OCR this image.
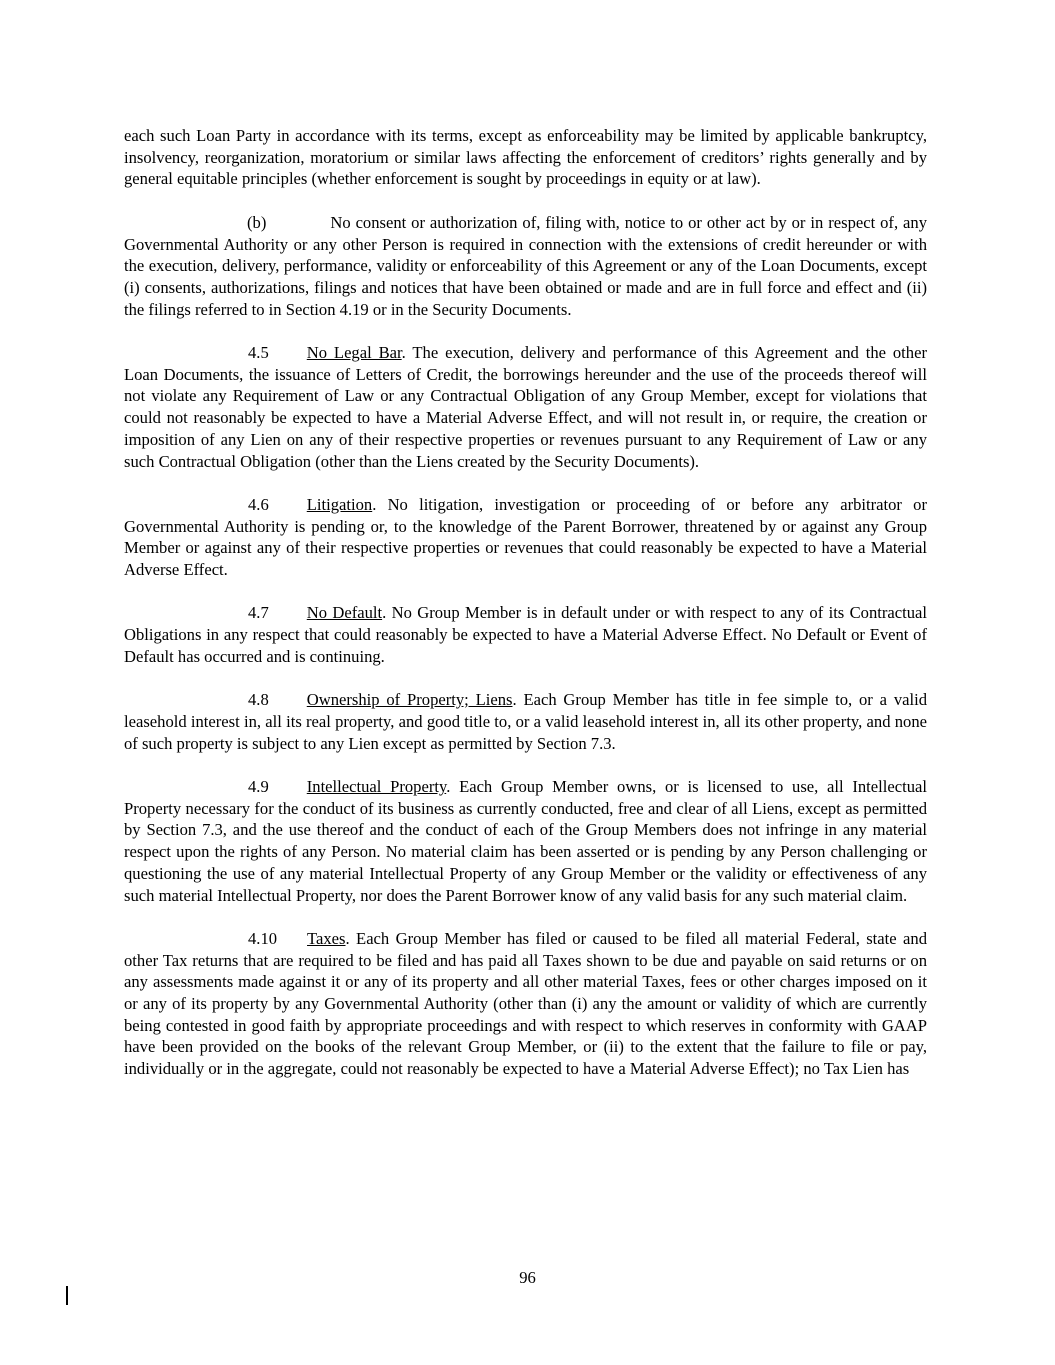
each such Loan Party in accordance with its terms, except as enforceability may be limited by applicable bankruptcy, insolvency, reorganization, moratorium or similar laws affecting the enforcement of creditors’ rights generally and by general equitable principles (whether enforcement is sought by proceedings in equity or at law).

(b)	No consent or authorization of, filing with, notice to or other act by or in respect of, any Governmental Authority or any other Person is required in connection with the extensions of credit hereunder or with the execution, delivery, performance, validity or enforceability of this Agreement or any of the Loan Documents, except (i) consents, authorizations, filings and notices that have been obtained or made and are in full force and effect and (ii) the filings referred to in Section 4.19 or in the Security Documents.

4.5 No Legal Bar. The execution, delivery and performance of this Agreement and the other Loan Documents, the issuance of Letters of Credit, the borrowings hereunder and the use of the proceeds thereof will not violate any Requirement of Law or any Contractual Obligation of any Group Member, except for violations that could not reasonably be expected to have a Material Adverse Effect, and will not result in, or require, the creation or imposition of any Lien on any of their respective properties or revenues pursuant to any Requirement of Law or any such Contractual Obligation (other than the Liens created by the Security Documents).

4.6 Litigation. No litigation, investigation or proceeding of or before any arbitrator or Governmental Authority is pending or, to the knowledge of the Parent Borrower, threatened by or against any Group Member or against any of their respective properties or revenues that could reasonably be expected to have a Material Adverse Effect.

4.7 No Default. No Group Member is in default under or with respect to any of its Contractual Obligations in any respect that could reasonably be expected to have a Material Adverse Effect. No Default or Event of Default has occurred and is continuing.

4.8 Ownership of Property; Liens. Each Group Member has title in fee simple to, or a valid leasehold interest in, all its real property, and good title to, or a valid leasehold interest in, all its other property, and none of such property is subject to any Lien except as permitted by Section 7.3.

4.9 Intellectual Property. Each Group Member owns, or is licensed to use, all Intellectual Property necessary for the conduct of its business as currently conducted, free and clear of all Liens, except as permitted by Section 7.3, and the use thereof and the conduct of each of the Group Members does not infringe in any material respect upon the rights of any Person. No material claim has been asserted or is pending by any Person challenging or questioning the use of any material Intellectual Property of any Group Member or the validity or effectiveness of any such material Intellectual Property, nor does the Parent Borrower know of any valid basis for any such material claim.

4.10 Taxes. Each Group Member has filed or caused to be filed all material Federal, state and other Tax returns that are required to be filed and has paid all Taxes shown to be due and payable on said returns or on any assessments made against it or any of its property and all other material Taxes, fees or other charges imposed on it or any of its property by any Governmental Authority (other than (i) any the amount or validity of which are currently being contested in good faith by appropriate proceedings and with respect to which reserves in conformity with GAAP have been provided on the books of the relevant Group Member, or (ii) to the extent that the failure to file or pay, individually or in the aggregate, could not reasonably be expected to have a Material Adverse Effect); no Tax Lien has

96
